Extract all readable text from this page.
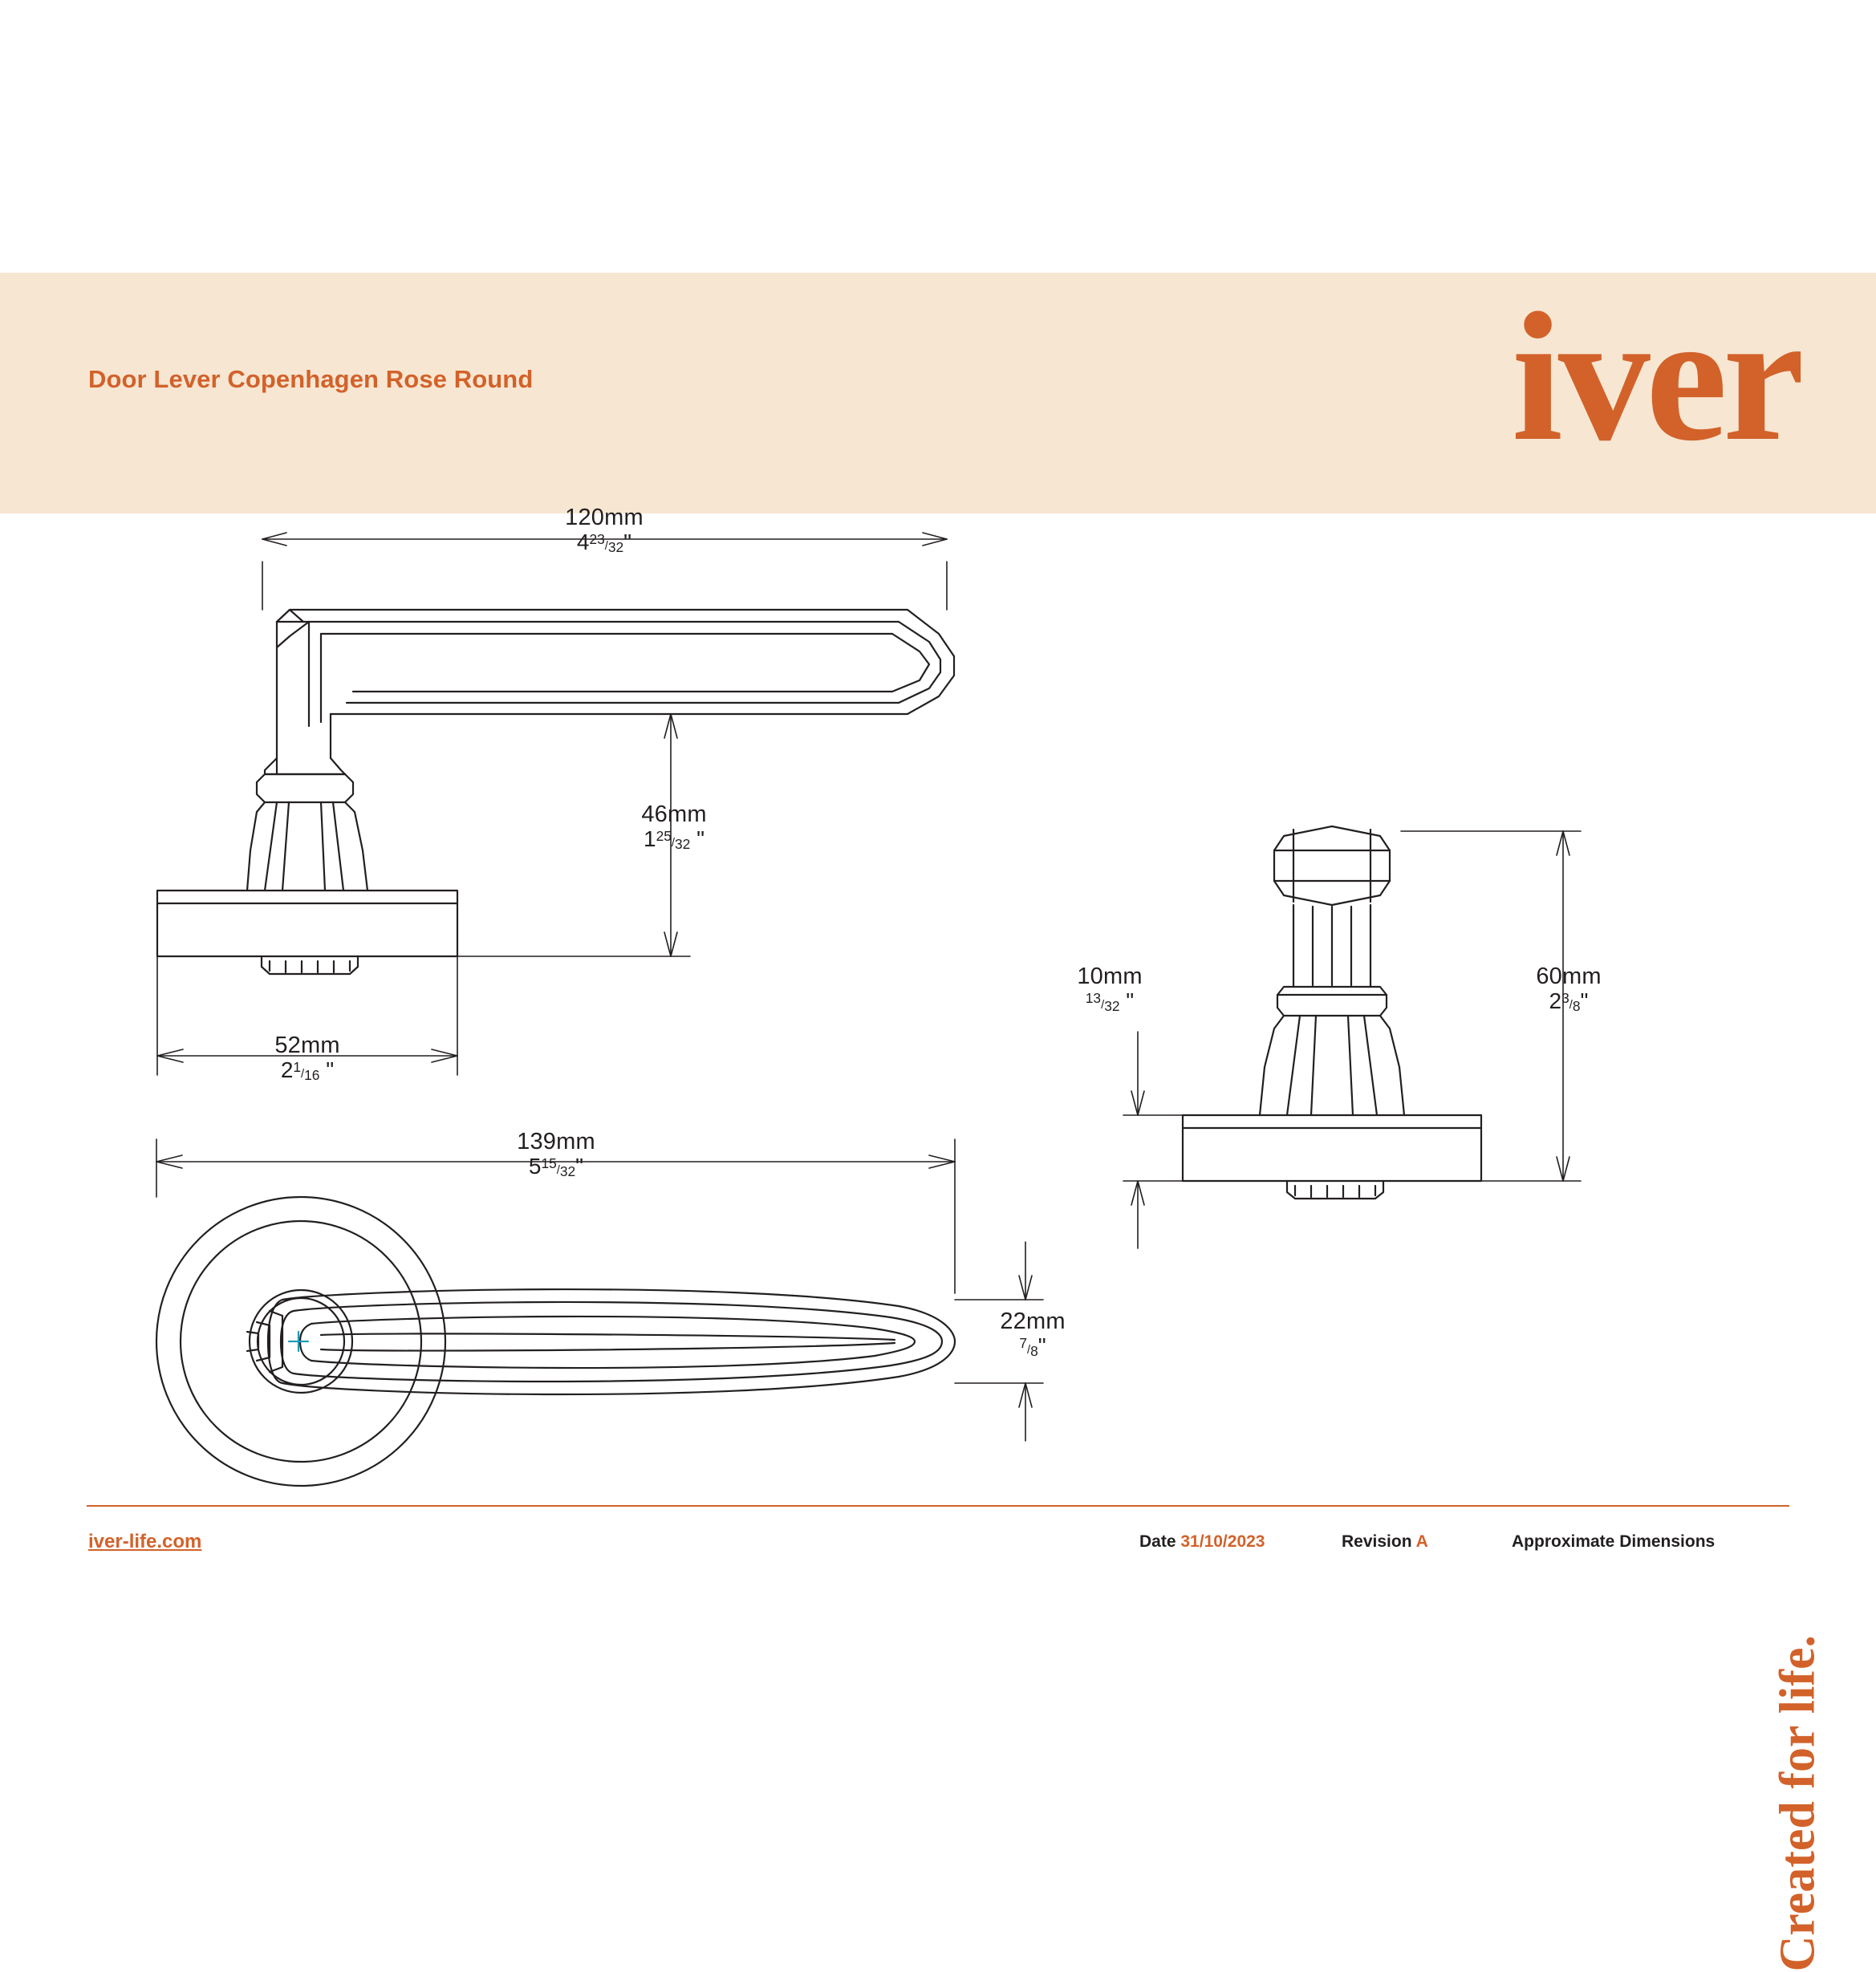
Door Lever Copenhagen Rose Round	iver
Created for life.
120mm
423/32"
46mm
125/32 "
52mm
21/16 "
139mm
515/32"
22mm
7/8"
10mm
13/32 "
60mm
23/8"
iver-life.com	Date 31/10/2023	Revision A	Approximate Dimensions
